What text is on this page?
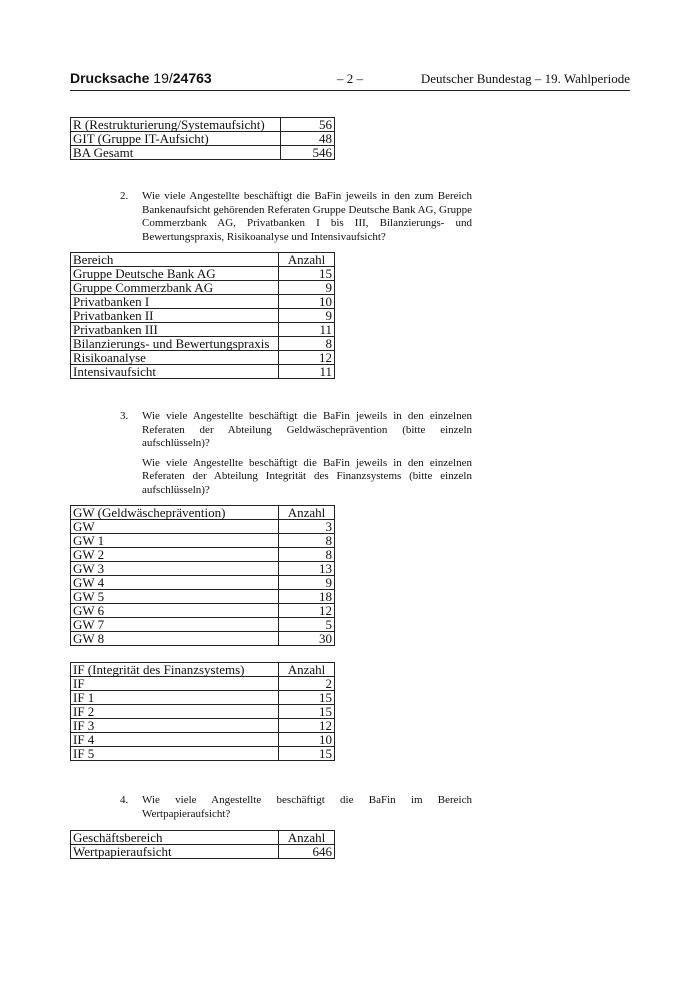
Drucksache 19/24763	– 2 –	Deutscher Bundestag – 19. Wahlperiode
R (Restrukturierung/Systemaufsicht)	56
GIT (Gruppe IT-Aufsicht)	48
BA Gesamt	546
2. Wie viele Angestellte beschäftigt die BaFin jeweils in den zum Bereich Bankenaufsicht gehörenden Referaten Gruppe Deutsche Bank AG, Gruppe Commerzbank AG, Privatbanken I bis III, Bilanzierungs- und Bewertungspraxis, Risikoanalyse und Intensivaufsicht?

Bereich	Anzahl
Gruppe Deutsche Bank AG	15
Gruppe Commerzbank AG	9
Privatbanken I	10
Privatbanken II	9
Privatbanken III	11
Bilanzierungs- und Bewertungspraxis	8
Risikoanalyse	12
Intensivaufsicht	11
3. Wie viele Angestellte beschäftigt die BaFin jeweils in den einzelnen Referaten der Abteilung Geldwäscheprävention (bitte einzeln aufschlüsseln)?

Wie viele Angestellte beschäftigt die BaFin jeweils in den einzelnen Referaten der Abteilung Integrität des Finanzsystems (bitte einzeln aufschlüsseln)?

GW (Geldwäscheprävention)	Anzahl
GW	3
GW 1	8
GW 2	8
GW 3	13
GW 4	9
GW 5	18
GW 6	12
GW 7	5
GW 8	30
IF (Integrität des Finanzsystems)	Anzahl
IF	2
IF 1	15
IF 2	15
IF 3	12
IF 4	10
IF 5	15
4. Wie viele Angestellte beschäftigt die BaFin im Bereich Wertpapieraufsicht?

Geschäftsbereich	Anzahl
Wertpapieraufsicht	646
